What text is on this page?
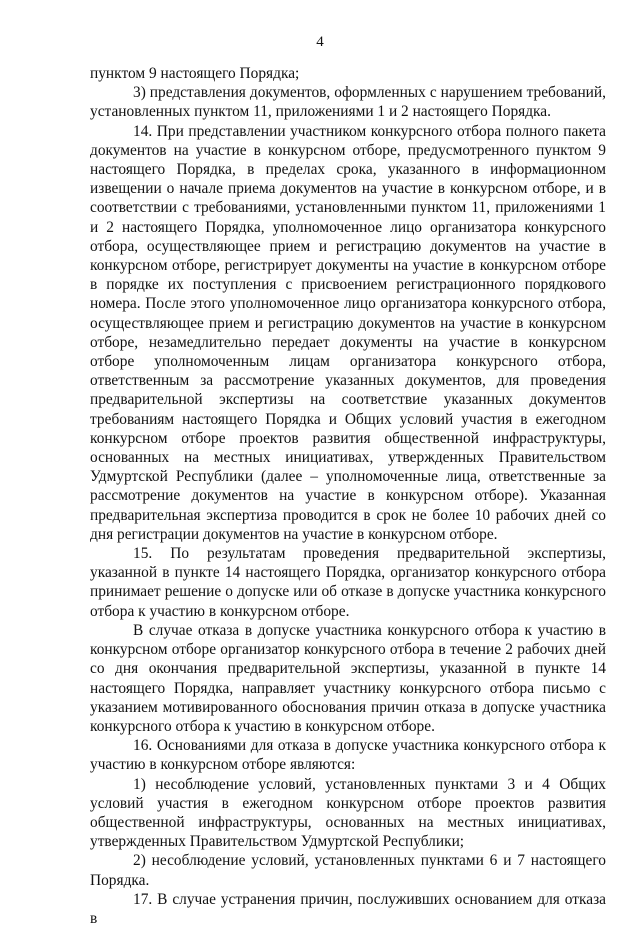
4

пунктом 9 настоящего Порядка;

3) представления документов, оформленных с нарушением требований, установленных пунктом 11, приложениями 1 и 2 настоящего Порядка.

14. При представлении участником конкурсного отбора полного пакета документов на участие в конкурсном отборе, предусмотренного пунктом 9 настоящего Порядка, в пределах срока, указанного в информационном извещении о начале приема документов на участие в конкурсном отборе, и в соответствии с требованиями, установленными пунктом 11, приложениями 1 и 2 настоящего Порядка, уполномоченное лицо организатора конкурсного отбора, осуществляющее прием и регистрацию документов на участие в конкурсном отборе, регистрирует документы на участие в конкурсном отборе в порядке их поступления с присвоением регистрационного порядкового номера. После этого уполномоченное лицо организатора конкурсного отбора, осуществляющее прием и регистрацию документов на участие в конкурсном отборе, незамедлительно передает документы на участие в конкурсном отборе уполномоченным лицам организатора конкурсного отбора, ответственным за рассмотрение указанных документов, для проведения предварительной экспертизы на соответствие указанных документов требованиям настоящего Порядка и Общих условий участия в ежегодном конкурсном отборе проектов развития общественной инфраструктуры, основанных на местных инициативах, утвержденных Правительством Удмуртской Республики (далее – уполномоченные лица, ответственные за рассмотрение документов на участие в конкурсном отборе). Указанная предварительная экспертиза проводится в срок не более 10 рабочих дней со дня регистрации документов на участие в конкурсном отборе.

15. По результатам проведения предварительной экспертизы, указанной в пункте 14 настоящего Порядка, организатор конкурсного отбора принимает решение о допуске или об отказе в допуске участника конкурсного отбора к участию в конкурсном отборе.

В случае отказа в допуске участника конкурсного отбора к участию в конкурсном отборе организатор конкурсного отбора в течение 2 рабочих дней со дня окончания предварительной экспертизы, указанной в пункте 14 настоящего Порядка, направляет участнику конкурсного отбора письмо с указанием мотивированного обоснования причин отказа в допуске участника конкурсного отбора к участию в конкурсном отборе.

16. Основаниями для отказа в допуске участника конкурсного отбора к участию в конкурсном отборе являются:

1) несоблюдение условий, установленных пунктами 3 и 4 Общих условий участия в ежегодном конкурсном отборе проектов развития общественной инфраструктуры, основанных на местных инициативах, утвержденных Правительством Удмуртской Республики;

2) несоблюдение условий, установленных пунктами 6 и 7 настоящего Порядка.

17. В случае устранения причин, послуживших основанием для отказа в
